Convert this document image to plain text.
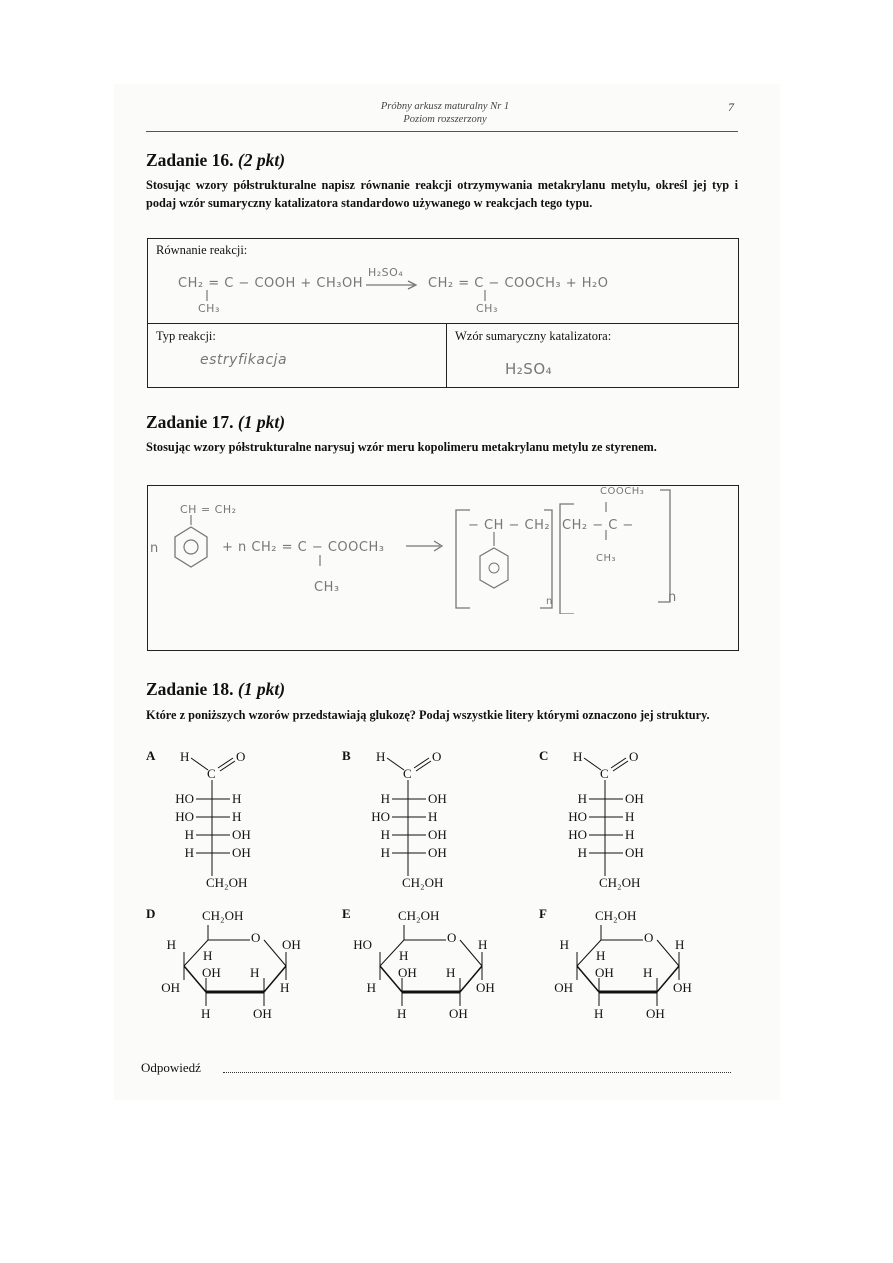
Próbny arkusz maturalny Nr 1
Poziom rozszerzony
7
Zadanie 16. (2 pkt)
Stosując wzory półstrukturalne napisz równanie reakcji otrzymywania metakrylanu metylu, określ jej typ i podaj wzór sumaryczny katalizatora standardowo używanego w reakcjach tego typu.
Równanie reakcji:
CH₂ = C − COOH + CH₃OH
H₂SO₄
CH₂ = C − COOCH₃ + H₂O
CH₃	CH₃
Typ reakcji:
estryfikacja
Wzór sumaryczny katalizatora:
H₂SO₄
Zadanie 17. (1 pkt)
Stosując wzory półstrukturalne narysuj wzór meru kopolimeru metakrylanu metylu ze styrenem.
CH = CH₂
n	+ n CH₂ = C − COOCH₃
CH₃
− CH − CH₂ CH₂ − C −
COOCH₃
CH₃
n	n
Zadanie 18. (1 pkt)
Które z poniższych wzorów przedstawiają glukozę? Podaj wszystkie litery którymi oznaczono jej struktury.
A H
C
O
HO	H
HO	H
H	OH
H	OH
CH₂OH
B H
C
O
H	OH
HO	H
H	OH
H	OH
CH₂OH
C H
C
O
H	OH
HO	H
HO	H
H	OH
CH₂OH
D	CH₂OH
O
H
H
OH
OH H
OH	H
H	OH
E	CH₂OH
O
HO
H
H
OH H
H	OH
H	OH
F	CH₂OH
O
H
H
H
OH H
OH	OH
H	OH
Odpowiedź
